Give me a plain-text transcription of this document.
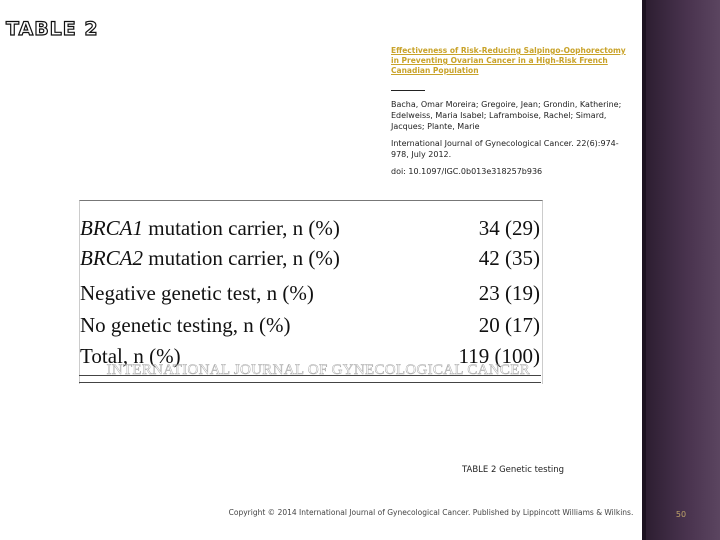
TABLE 2
Effectiveness of Risk-Reducing Salpingo-Oophorectomy in Preventing Ovarian Cancer in a High-Risk French Canadian Population
Bacha, Omar Moreira; Gregoire, Jean; Grondin, Katherine; Edelweiss, Maria Isabel; Laframboise, Rachel; Simard, Jacques; Plante, Marie
International Journal of Gynecological Cancer. 22(6):974-978, July 2012.
doi: 10.1097/IGC.0b013e318257b936
BRCA1 mutation carrier, n (%)	34 (29)
BRCA2 mutation carrier, n (%)	42 (35)
Negative genetic test, n (%)	23 (19)
No genetic testing, n (%)	20 (17)
Total, n (%)	119 (100)
INTERNATIONAL JOURNAL OF GYNECOLOGICAL CANCER
TABLE 2 Genetic testing
Copyright © 2014 International Journal of Gynecological Cancer. Published by Lippincott Williams & Wilkins.	50
